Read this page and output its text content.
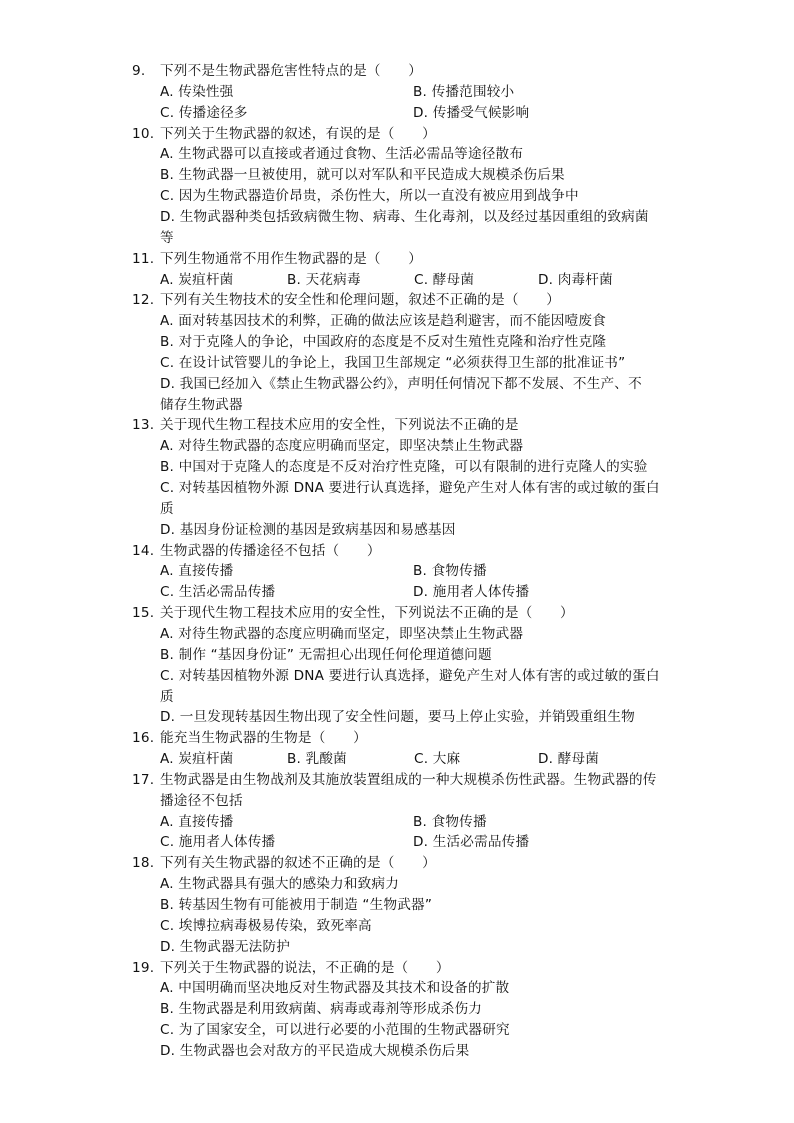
9.	下列不是生物武器危害性特点的是（　　）
A. 传染性强	B. 传播范围较小
C. 传播途径多	D. 传播受气候影响
10. 下列关于生物武器的叙述，有误的是（　　）
A. 生物武器可以直接或者通过食物、生活必需品等途径散布
B. 生物武器一旦被使用，就可以对军队和平民造成大规模杀伤后果
C. 因为生物武器造价昂贵，杀伤性大，所以一直没有被应用到战争中
D. 生物武器种类包括致病微生物、病毒、生化毒剂，以及经过基因重组的致病菌
等
11. 下列生物通常不用作生物武器的是（　　）
A. 炭疽杆菌	B. 天花病毒	C. 酵母菌	D. 肉毒杆菌
12. 下列有关生物技术的安全性和伦理问题，叙述不正确的是（　　）
A. 面对转基因技术的利弊，正确的做法应该是趋利避害，而不能因噎废食
B. 对于克隆人的争论，中国政府的态度是不反对生殖性克隆和治疗性克隆
C. 在设计试管婴儿的争论上，我国卫生部规定 “必须获得卫生部的批准证书”
D. 我国已经加入《禁止生物武器公约》，声明任何情况下都不发展、不生产、不
储存生物武器
13. 关于现代生物工程技术应用的安全性，下列说法不正确的是
A. 对待生物武器的态度应明确而坚定，即坚决禁止生物武器
B. 中国对于克隆人的态度是不反对治疗性克隆，可以有限制的进行克隆人的实验
C. 对转基因植物外源 DNA 要进行认真选择，避免产生对人体有害的或过敏的蛋白
质
D. 基因身份证检测的基因是致病基因和易感基因
14. 生物武器的传播途径不包括（　　）
A. 直接传播	B. 食物传播
C. 生活必需品传播	D. 施用者人体传播
15. 关于现代生物工程技术应用的安全性，下列说法不正确的是（　　）
A. 对待生物武器的态度应明确而坚定，即坚决禁止生物武器
B. 制作 “基因身份证” 无需担心出现任何伦理道德问题
C. 对转基因植物外源 DNA 要进行认真选择，避免产生对人体有害的或过敏的蛋白
质
D. 一旦发现转基因生物出现了安全性问题，要马上停止实验，并销毁重组生物
16. 能充当生物武器的生物是（　　）
A. 炭疽杆菌	B. 乳酸菌	C. 大麻	D. 酵母菌
17. 生物武器是由生物战剂及其施放装置组成的一种大规模杀伤性武器。生物武器的传
播途径不包括
A. 直接传播	B. 食物传播
C. 施用者人体传播	D. 生活必需品传播
18. 下列有关生物武器的叙述不正确的是（　　）
A. 生物武器具有强大的感染力和致病力
B. 转基因生物有可能被用于制造 “生物武器”
C. 埃博拉病毒极易传染，致死率高
D. 生物武器无法防护
19. 下列关于生物武器的说法，不正确的是（　　）
A. 中国明确而坚决地反对生物武器及其技术和设备的扩散
B. 生物武器是利用致病菌、病毒或毒剂等形成杀伤力
C. 为了国家安全，可以进行必要的小范围的生物武器研究
D. 生物武器也会对敌方的平民造成大规模杀伤后果
